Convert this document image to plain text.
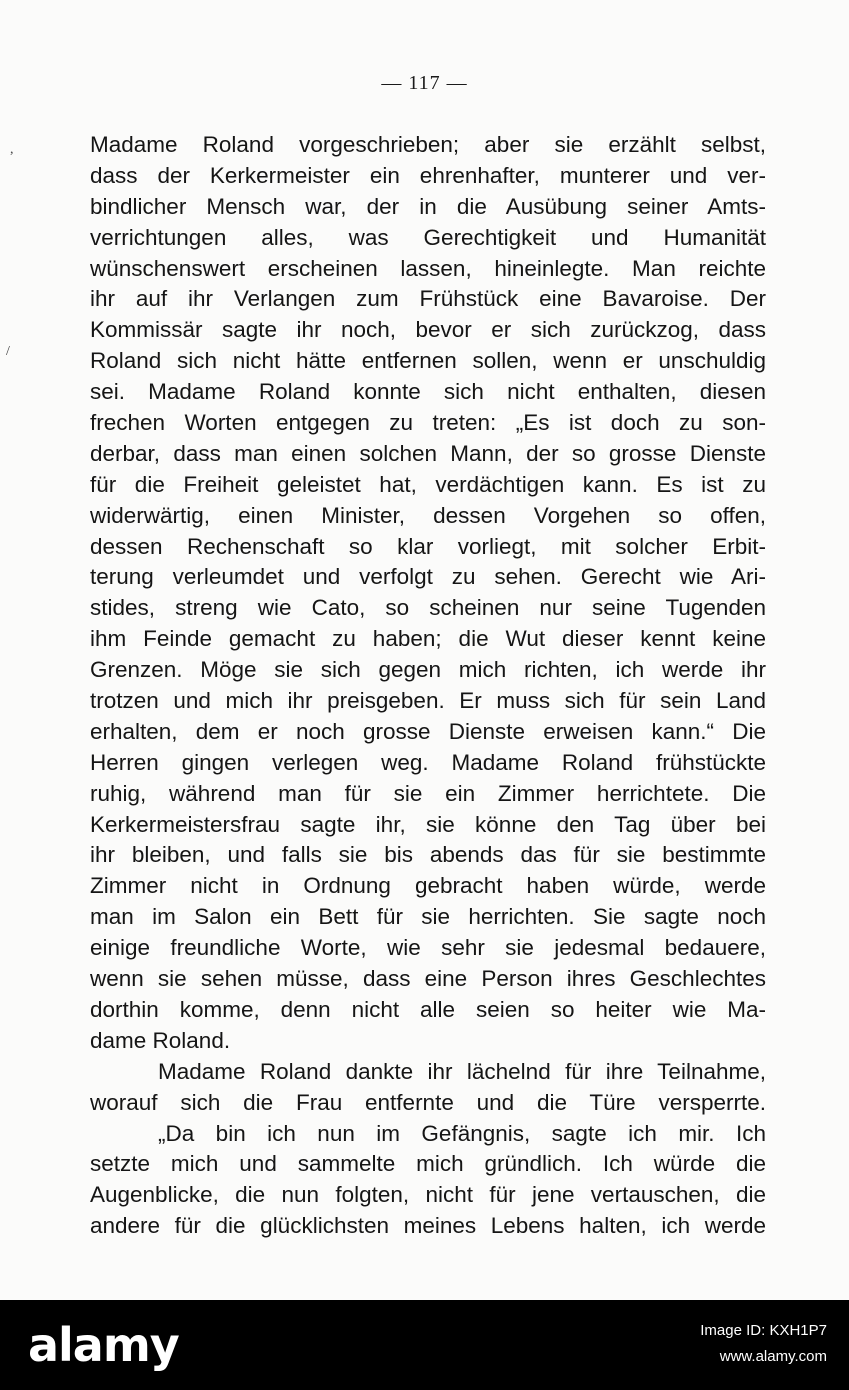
— 117 —
,
/
Madame Roland vorgeschrieben; aber sie erzählt selbst,
dass der Kerkermeister ein ehrenhafter, munterer und ver-
bindlicher Mensch war, der in die Ausübung seiner Amts-
verrichtungen alles, was Gerechtigkeit und Humanität
wünschenswert erscheinen lassen, hineinlegte. Man reichte
ihr auf ihr Verlangen zum Frühstück eine Bavaroise. Der
Kommissär sagte ihr noch, bevor er sich zurückzog, dass
Roland sich nicht hätte entfernen sollen, wenn er unschuldig
sei. Madame Roland konnte sich nicht enthalten, diesen
frechen Worten entgegen zu treten: „Es ist doch zu son-
derbar, dass man einen solchen Mann, der so grosse Dienste
für die Freiheit geleistet hat, verdächtigen kann. Es ist zu
widerwärtig, einen Minister, dessen Vorgehen so offen,
dessen Rechenschaft so klar vorliegt, mit solcher Erbit-
terung verleumdet und verfolgt zu sehen. Gerecht wie Ari-
stides, streng wie Cato, so scheinen nur seine Tugenden
ihm Feinde gemacht zu haben; die Wut dieser kennt keine
Grenzen. Möge sie sich gegen mich richten, ich werde ihr
trotzen und mich ihr preisgeben. Er muss sich für sein Land
erhalten, dem er noch grosse Dienste erweisen kann.“ Die
Herren gingen verlegen weg. Madame Roland frühstückte
ruhig, während man für sie ein Zimmer herrichtete. Die
Kerkermeistersfrau sagte ihr, sie könne den Tag über bei
ihr bleiben, und falls sie bis abends das für sie bestimmte
Zimmer nicht in Ordnung gebracht haben würde, werde
man im Salon ein Bett für sie herrichten. Sie sagte noch
einige freundliche Worte, wie sehr sie jedesmal bedauere,
wenn sie sehen müsse, dass eine Person ihres Geschlechtes
dorthin komme, denn nicht alle seien so heiter wie Ma-
dame Roland.
Madame Roland dankte ihr lächelnd für ihre Teilnahme,
worauf sich die Frau entfernte und die Türe versperrte.
„Da bin ich nun im Gefängnis, sagte ich mir. Ich
setzte mich und sammelte mich gründlich. Ich würde die
Augenblicke, die nun folgten, nicht für jene vertauschen, die
andere für die glücklichsten meines Lebens halten, ich werde
alamy	Image ID: KXH1P7
www.alamy.com
